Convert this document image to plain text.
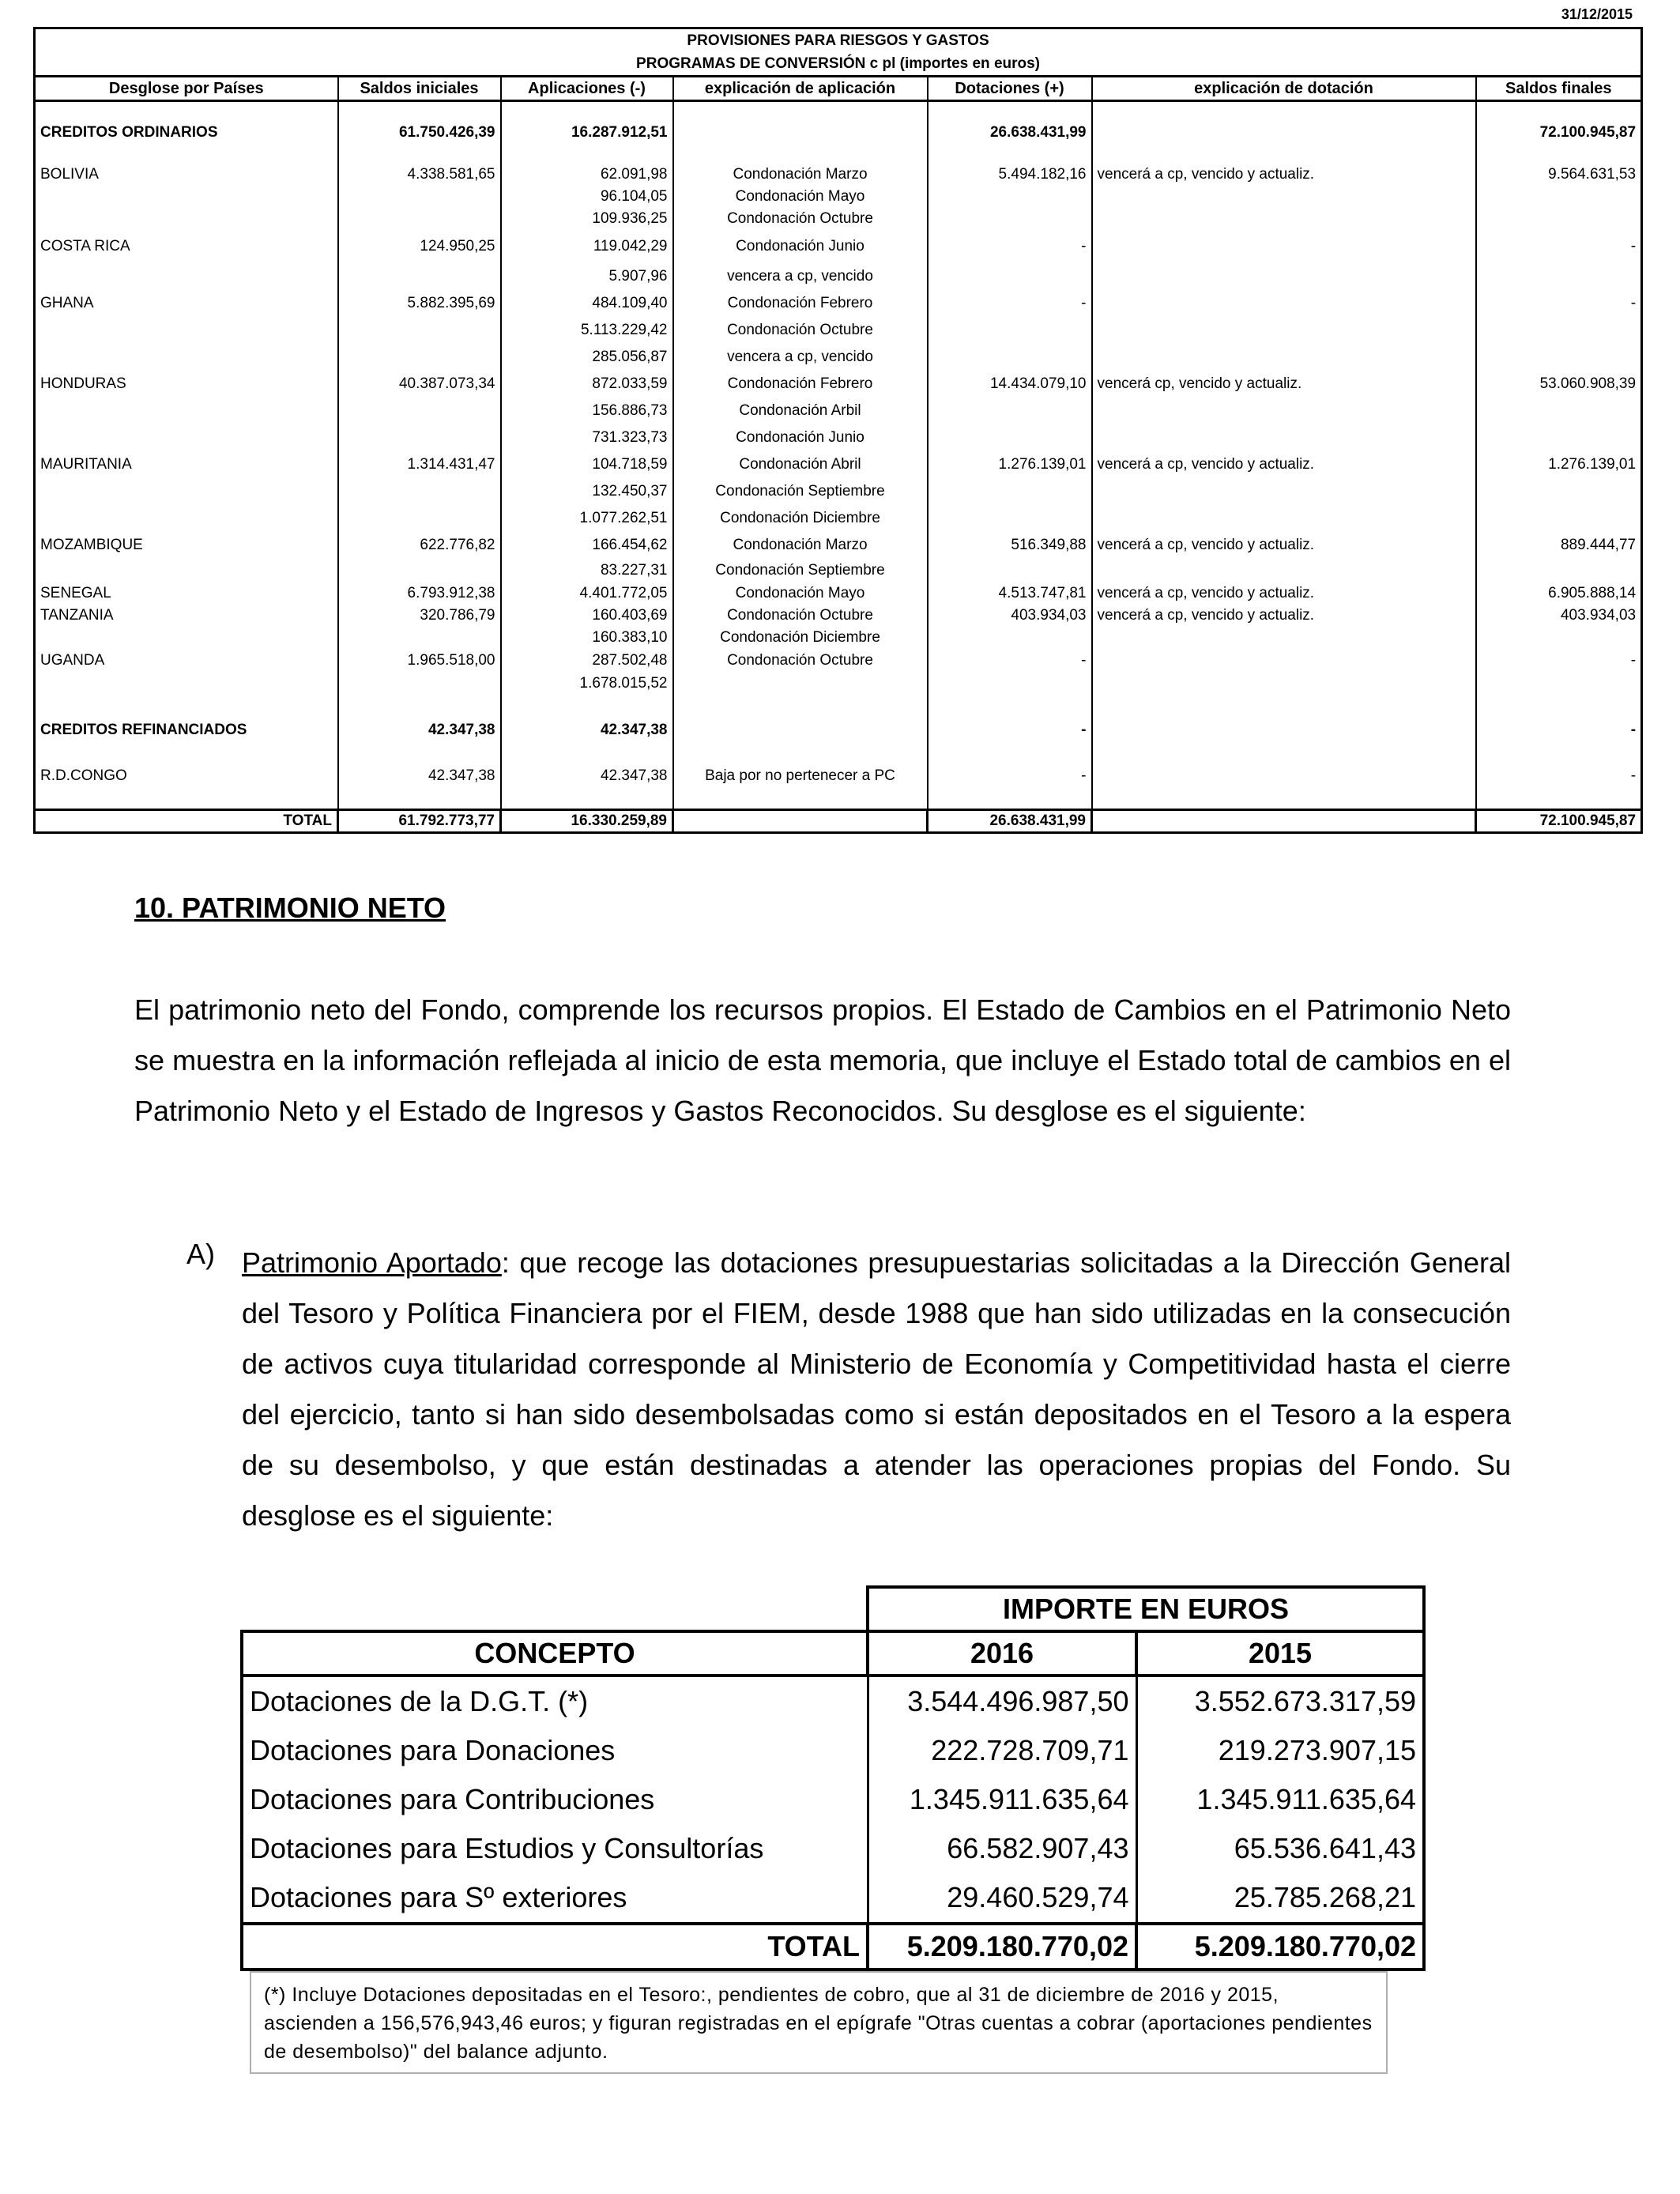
31/12/2015
PROVISIONES PARA RIESGOS Y GASTOS						
PROGRAMAS DE CONVERSIÓN c pl (importes en euros)						
Desglose por Países	Saldos iniciales	Aplicaciones (-)	explicación de aplicación	Dotaciones (+)	explicación de dotación	Saldos finales

CREDITOS ORDINARIOS	61.750.426,39	16.287.912,51		26.638.431,99		72.100.945,87

BOLIVIA	4.338.581,65	62.091,98	Condonación Marzo	5.494.182,16	vencerá a cp, vencido y actualiz.	9.564.631,53
		96.104,05	Condonación Mayo			
		109.936,25	Condonación Octubre			
COSTA RICA	124.950,25	119.042,29	Condonación Junio	-		-
		5.907,96	vencera a cp, vencido			
GHANA	5.882.395,69	484.109,40	Condonación Febrero	-		-
		5.113.229,42	Condonación Octubre			
		285.056,87	vencera a cp, vencido			
HONDURAS	40.387.073,34	872.033,59	Condonación Febrero	14.434.079,10	vencerá cp, vencido y actualiz.	53.060.908,39
		156.886,73	Condonación Arbil			
		731.323,73	Condonación Junio			
MAURITANIA	1.314.431,47	104.718,59	Condonación Abril	1.276.139,01	vencerá a cp, vencido y actualiz.	1.276.139,01
		132.450,37	Condonación Septiembre			
		1.077.262,51	Condonación Diciembre			
MOZAMBIQUE	622.776,82	166.454,62	Condonación Marzo	516.349,88	vencerá a cp, vencido y actualiz.	889.444,77
		83.227,31	Condonación Septiembre			
SENEGAL	6.793.912,38	4.401.772,05	Condonación Mayo	4.513.747,81	vencerá a cp, vencido y actualiz.	6.905.888,14
TANZANIA	320.786,79	160.403,69	Condonación Octubre	403.934,03	vencerá a cp, vencido y actualiz.	403.934,03
		160.383,10	Condonación Diciembre			
UGANDA	1.965.518,00	287.502,48	Condonación Octubre	-		-
		1.678.015,52				

CREDITOS REFINANCIADOS	42.347,38	42.347,38		-		-

R.D.CONGO	42.347,38	42.347,38	Baja por no pertenecer a PC	-		-

TOTAL	61.792.773,77	16.330.259,89		26.638.431,99		72.100.945,87
10. PATRIMONIO NETO
El patrimonio neto del Fondo, comprende los recursos propios. El Estado de Cambios en el Patrimonio Neto se muestra en la información reflejada al inicio de esta memoria, que incluye el Estado total de cambios en el Patrimonio Neto y el Estado de Ingresos y Gastos Reconocidos. Su desglose es el siguiente:
A) Patrimonio Aportado: que recoge las dotaciones presupuestarias solicitadas a la Dirección General del Tesoro y Política Financiera por el FIEM, desde 1988 que han sido utilizadas en la consecución de activos cuya titularidad corresponde al Ministerio de Economía y Competitividad hasta el cierre del ejercicio, tanto si han sido desembolsadas como si están depositados en el Tesoro a la espera de su desembolso, y que están destinadas a atender las operaciones propias del Fondo. Su desglose es el siguiente:
	IMPORTE EN EUROS	
CONCEPTO	2016	2015
Dotaciones de la D.G.T. (*)	3.544.496.987,50	3.552.673.317,59
Dotaciones para Donaciones	222.728.709,71	219.273.907,15
Dotaciones para Contribuciones	1.345.911.635,64	1.345.911.635,64
Dotaciones para Estudios y Consultorías	66.582.907,43	65.536.641,43
Dotaciones para Sº exteriores	29.460.529,74	25.785.268,21
TOTAL	5.209.180.770,02	5.209.180.770,02
(*) Incluye Dotaciones depositadas en el Tesoro:, pendientes de cobro, que al 31 de diciembre de 2016 y 2015, ascienden a 156,576,943,46 euros; y figuran registradas en el epígrafe "Otras cuentas a cobrar (aportaciones pendientes de desembolso)" del balance adjunto.
